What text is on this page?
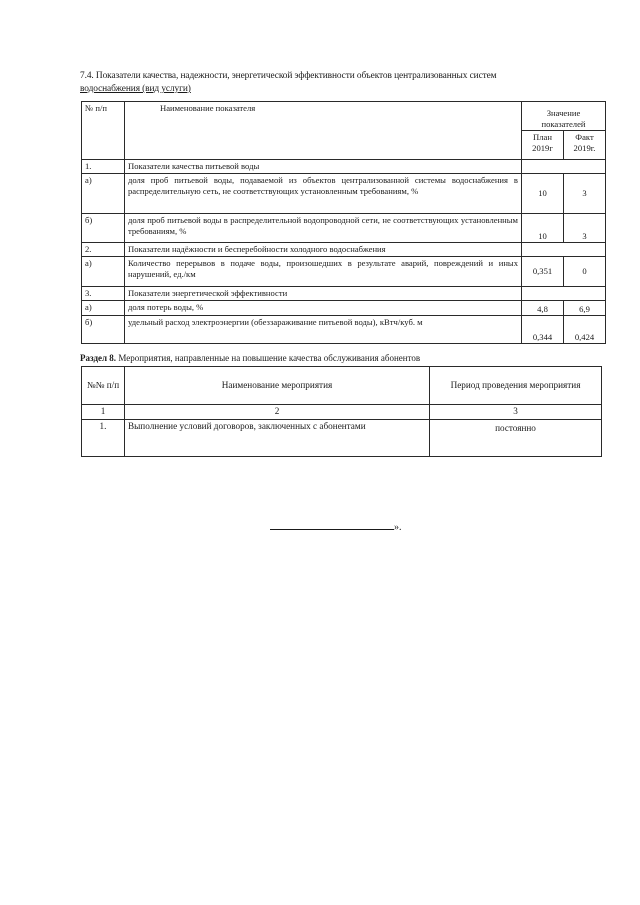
7.4. Показатели качества, надежности, энергетической эффективности объектов централизованных систем
водоснабжения (вид услуги)
№ п/п	Наименование показателя	Значение показателей	
		План 2019г	Факт 2019г.
1.	Показатели качества питьевой воды		
а)	доля проб питьевой воды, подаваемой из объектов централизованной системы водоснабжения в распределительную сеть, не соответствующих установленным требованиям, %	10	3
б)	доля проб питьевой воды в распределительной водопроводной сети, не соответствующих установленным требованиям, %	10	3
2.	Показатели надёжности и бесперебойности холодного водоснабжения		
а)	Количество перерывов в подаче воды, произошедших в результате аварий, повреждений и иных нарушений, ед./км	0,351	0
3.	Показатели энергетической эффективности		
а)	доля потерь воды, %	4,8	6,9
б)	удельный расход электроэнергии (обеззараживание питьевой воды), кВтч/куб. м	0,344	0,424
Раздел 8. Мероприятия, направленные на повышение качества обслуживания абонентов
№№ п/п	Наименование мероприятия	Период проведения мероприятия
1	2	3
1.	Выполнение условий договоров, заключенных с абонентами	постоянно
».
